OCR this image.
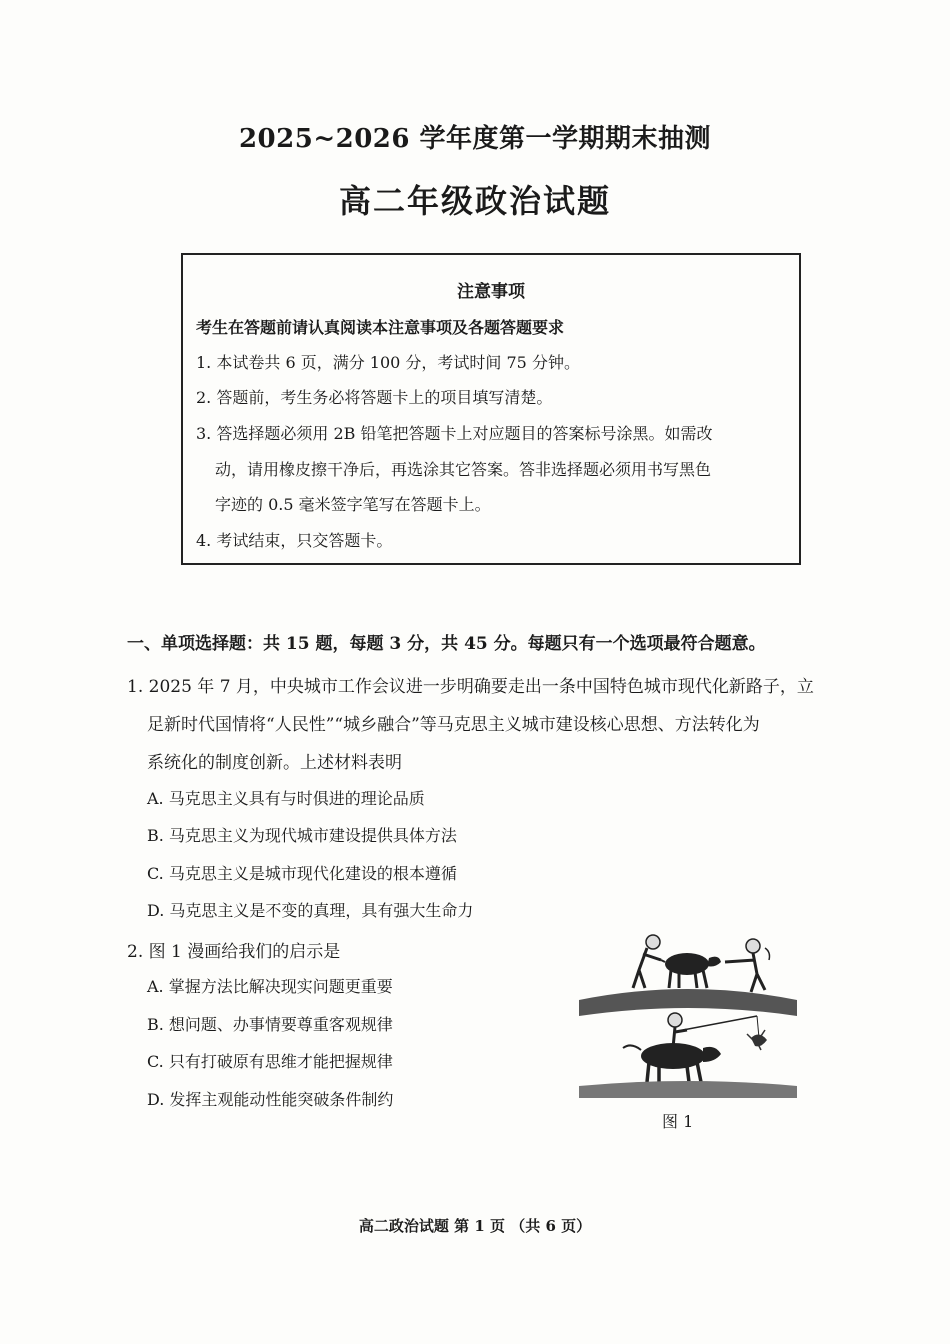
2025~2026 学年度第一学期期末抽测
高二年级政治试题
注意事项
考生在答题前请认真阅读本注意事项及各题答题要求
1. 本试卷共 6 页，满分 100 分，考试时间 75 分钟。
2. 答题前，考生务必将答题卡上的项目填写清楚。
3. 答选择题必须用 2B 铅笔把答题卡上对应题目的答案标号涂黑。如需改
动，请用橡皮擦干净后，再选涂其它答案。答非选择题必须用书写黑色
字迹的 0.5 毫米签字笔写在答题卡上。
4. 考试结束，只交答题卡。
一、单项选择题：共 15 题，每题 3 分，共 45 分。每题只有一个选项最符合题意。
1. 2025 年 7 月，中央城市工作会议进一步明确要走出一条中国特色城市现代化新路子，立
足新时代国情将“人民性”“城乡融合”等马克思主义城市建设核心思想、方法转化为
系统化的制度创新。上述材料表明
A. 马克思主义具有与时俱进的理论品质
B. 马克思主义为现代城市建设提供具体方法
C. 马克思主义是城市现代化建设的根本遵循
D. 马克思主义是不变的真理，具有强大生命力
2. 图 1 漫画给我们的启示是
A. 掌握方法比解决现实问题更重要
B. 想问题、办事情要尊重客观规律
C. 只有打破原有思维才能把握规律
D. 发挥主观能动性能突破条件制约
图 1
高二政治试题 第 1 页 （共 6 页）
